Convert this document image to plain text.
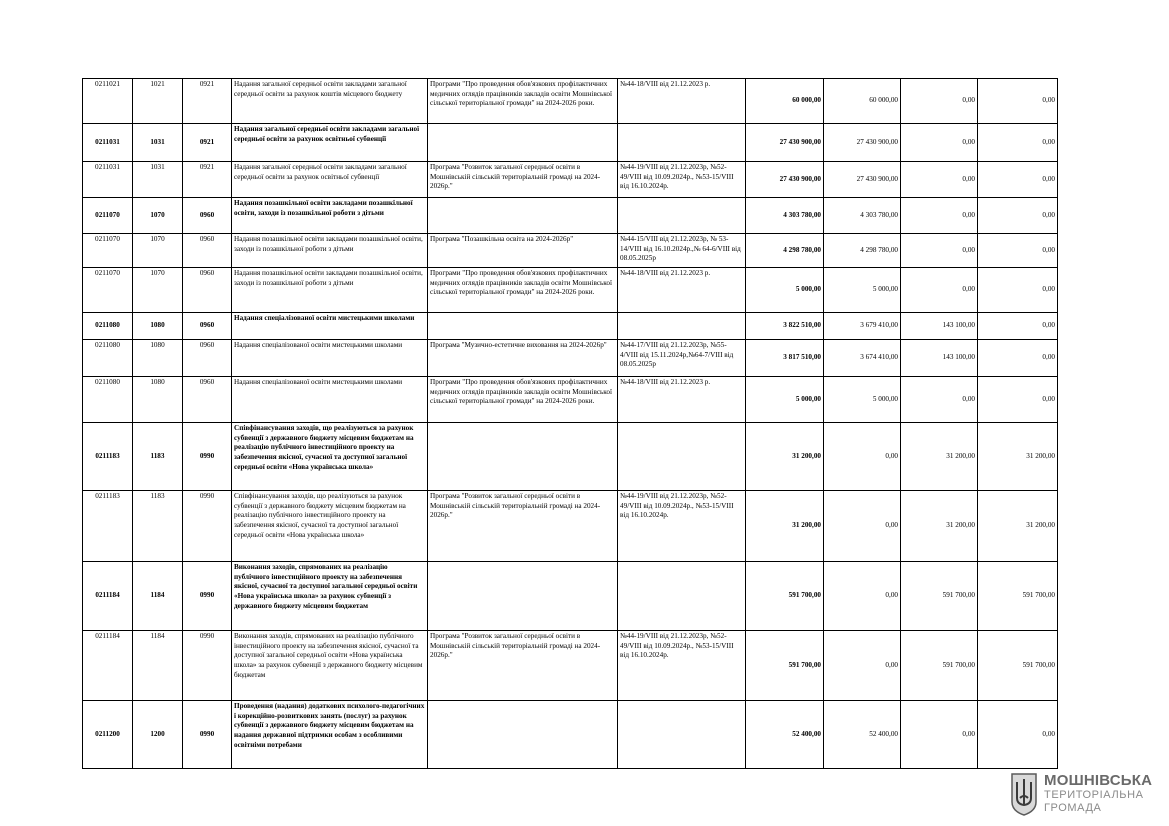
0211021	1021	0921	Надання загальної середньої освіти закладами загальної середньої освіти за рахунок коштів місцевого бюджету	Програми "Про проведення обов'язкових профілактичних медичних оглядів працівників закладів освіти Мошнівської сільської територіальної громади" на 2024-2026 роки.	№44-18/VIII від 21.12.2023 р.	60 000,00	60 000,00	0,00	0,00
0211031	1031	0921	Надання загальної середньої освіти закладами загальної середньої освіти за рахунок освітньої субвенції			27 430 900,00	27 430 900,00	0,00	0,00
0211031	1031	0921	Надання загальної середньої освіти закладами загальної середньої освіти за рахунок освітньої субвенції	Програма "Розвиток загальної середньої освіти в Мошнівській сільській територіальній громаді на 2024-2026р."	№44-19/VIII від 21.12.2023р, №52-49/VIII від 10.09.2024р., №53-15/VIII від 16.10.2024р.	27 430 900,00	27 430 900,00	0,00	0,00
0211070	1070	0960	Надання позашкільної освіти закладами позашкільної освіти, заходи із позашкільної роботи з дітьми			4 303 780,00	4 303 780,00	0,00	0,00
0211070	1070	0960	Надання позашкільної освіти закладами позашкільної освіти, заходи із позашкільної роботи з дітьми	Програма "Позашкільна освіта на 2024-2026р"	№44-15/VIII від 21.12.2023р, № 53-14/VIII від 16.10.2024р.,№ 64-6/VIII від 08.05.2025р	4 298 780,00	4 298 780,00	0,00	0,00
0211070	1070	0960	Надання позашкільної освіти закладами позашкільної освіти, заходи із позашкільної роботи з дітьми	Програми "Про проведення обов'язкових профілактичних медичних оглядів працівників закладів освіти Мошнівської сільської територіальної громади" на 2024-2026 роки.	№44-18/VIII від 21.12.2023 р.	5 000,00	5 000,00	0,00	0,00
0211080	1080	0960	Надання спеціалізованої освіти мистецькими школами			3 822 510,00	3 679 410,00	143 100,00	0,00
0211080	1080	0960	Надання спеціалізованої освіти мистецькими школами	Програма "Музично-естетичне виховання на 2024-2026р"	№44-17/VIII від 21.12.2023р, №55-4/VIII від 15.11.2024р,№64-7/VIII від 08.05.2025р	3 817 510,00	3 674 410,00	143 100,00	0,00
0211080	1080	0960	Надання спеціалізованої освіти мистецькими школами	Програми "Про проведення обов'язкових профілактичних медичних оглядів працівників закладів освіти Мошнівської сільської територіальної громади" на 2024-2026 роки.	№44-18/VIII від 21.12.2023 р.	5 000,00	5 000,00	0,00	0,00
0211183	1183	0990	Співфінансування заходів, що реалізуються за рахунок субвенції з державного бюджету місцевим бюджетам на реалізацію публічного інвестиційного проекту на забезпечення якісної, сучасної та доступної загальної середньої освіти «Нова українська школа»			31 200,00	0,00	31 200,00	31 200,00
0211183	1183	0990	Співфінансування заходів, що реалізуються за рахунок субвенції з державного бюджету місцевим бюджетам на реалізацію публічного інвестиційного проекту на забезпечення якісної, сучасної та доступної загальної середньої освіти «Нова українська школа»	Програма "Розвиток загальної середньої освіти в Мошнівській сільській територіальній громаді на 2024-2026р."	№44-19/VIII від 21.12.2023р, №52-49/VIII від 10.09.2024р., №53-15/VIII від 16.10.2024р.	31 200,00	0,00	31 200,00	31 200,00
0211184	1184	0990	Виконання заходів, спрямованих на реалізацію публічного інвестиційного проекту на забезпечення якісної, сучасної та доступної загальної середньої освіти «Нова українська школа» за рахунок субвенції з державного бюджету місцевим бюджетам			591 700,00	0,00	591 700,00	591 700,00
0211184	1184	0990	Виконання заходів, спрямованих на реалізацію публічного інвестиційного проекту на забезпечення якісної, сучасної та доступної загальної середньої освіти «Нова українська школа» за рахунок субвенції з державного бюджету місцевим бюджетам	Програма "Розвиток загальної середньої освіти в Мошнівській сільській територіальній громаді на 2024-2026р."	№44-19/VIII від 21.12.2023р, №52-49/VIII від 10.09.2024р., №53-15/VIII від 16.10.2024р.	591 700,00	0,00	591 700,00	591 700,00
0211200	1200	0990	Проведення (надання) додаткових психолого-педагогічних і корекційно-розвиткових занять (послуг) за рахунок субвенції з державного бюджету місцевим бюджетам на надання державної підтримки особам з особливими освітніми потребами			52 400,00	52 400,00	0,00	0,00
МОШНІВСЬКА
ТЕРИТОРІАЛЬНА
ГРОМАДА
